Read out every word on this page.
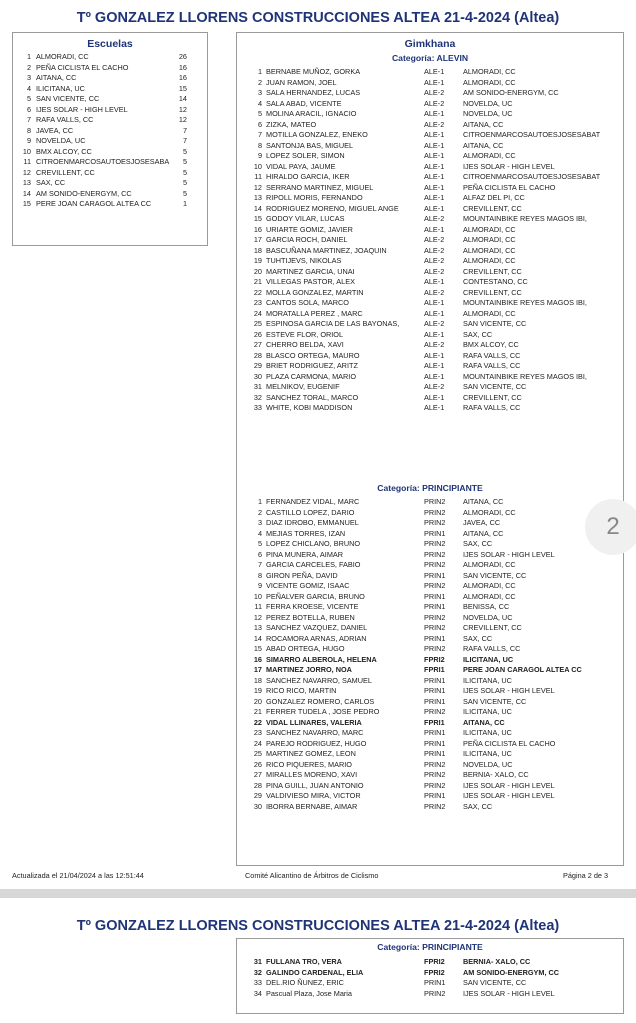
Tº GONZALEZ LLORENS CONSTRUCCIONES ALTEA 21-4-2024 (Altea)
Escuelas
1 ALMORADI, CC	26
2 PEÑA CICLISTA EL CACHO	16
3 AITANA, CC	16
4 ILICITANA, UC	15
5 SAN VICENTE, CC	14
6 IJES SOLAR - HIGH LEVEL	12
7 RAFA VALLS, CC	12
8 JAVEA, CC	7
9 NOVELDA, UC	7
10 BMX ALCOY, CC	5
11 CITROENMARCOSAUTOESJOSESABA	5
12 CREVILLENT, CC	5
13 SAX, CC	5
14 AM SONIDO-ENERGYM, CC	5
15 PERE JOAN CARAGOL ALTEA CC	1
Gimkhana
Categoría: ALEVIN
1 BERNABE MUÑOZ, GORKA	ALE-1	ALMORADI, CC
2 JUAN RAMON, JOEL	ALE-1	ALMORADI, CC
3 SALA HERNANDEZ, LUCAS	ALE-2	AM SONIDO-ENERGYM, CC
4 SALA ABAD, VICENTE	ALE-2	NOVELDA, UC
5 MOLINA ARACIL, IGNACIO	ALE-1	NOVELDA, UC
6 ZIZKA, MATEO	ALE-2	AITANA, CC
7 MOTILLA GONZALEZ, ENEKO	ALE-1	CITROENMARCOSAUTOESJOSESABAT
8 SANTONJA BAS, MIGUEL	ALE-1	AITANA, CC
9 LOPEZ SOLER, SIMON	ALE-1	ALMORADI, CC
10 VIDAL PAYA, JAUME	ALE-1	IJES SOLAR - HIGH LEVEL
11 HIRALDO GARCIA, IKER	ALE-1	CITROENMARCOSAUTOESJOSESABAT
12 SERRANO MARTINEZ, MIGUEL	ALE-1	PEÑA CICLISTA EL CACHO
13 RIPOLL MORIS, FERNANDO	ALE-1	ALFAZ DEL PI, CC
14 RODRIGUEZ MORENO, MIGUEL ANGE	ALE-1	CREVILLENT, CC
15 GODOY VILAR, LUCAS	ALE-2	MOUNTAINBIKE REYES MAGOS IBI,
16 URIARTE GOMIZ, JAVIER	ALE-1	ALMORADI, CC
17 GARCIA ROCH, DANIEL	ALE-2	ALMORADI, CC
18 BASCUÑANA MARTINEZ, JOAQUIN	ALE-2	ALMORADI, CC
19 TUHTIJEVS, NIKOLAS	ALE-2	ALMORADI, CC
20 MARTINEZ GARCIA, UNAI	ALE-2	CREVILLENT, CC
21 VILLEGAS PASTOR, ALEX	ALE-1	CONTESTANO, CC
22 MOLLA GONZALEZ, MARTIN	ALE-2	CREVILLENT, CC
23 CANTOS SOLA, MARCO	ALE-1	MOUNTAINBIKE REYES MAGOS IBI,
24 MORATALLA PEREZ , MARC	ALE-1	ALMORADI, CC
25 ESPINOSA GARCIA DE LAS BAYONAS,	ALE-2	SAN VICENTE, CC
26 ESTEVE FLOR, ORIOL	ALE-1	SAX, CC
27 CHERRO BELDA, XAVI	ALE-2	BMX ALCOY, CC
28 BLASCO ORTEGA, MAURO	ALE-1	RAFA VALLS, CC
29 BRIET RODRIGUEZ, ARITZ	ALE-1	RAFA VALLS, CC
30 PLAZA CARMONA, MARIO	ALE-1	MOUNTAINBIKE REYES MAGOS IBI,
31 MELNIKOV, EUGENIF	ALE-2	SAN VICENTE, CC
32 SANCHEZ TORAL, MARCO	ALE-1	CREVILLENT, CC
33 WHITE, KOBI MADDISON	ALE-1	RAFA VALLS, CC
Categoría: PRINCIPIANTE
1 FERNANDEZ VIDAL, MARC	PRIN2 AITANA, CC
2 CASTILLO LOPEZ, DARIO	PRIN2 ALMORADI, CC
3 DIAZ IDROBO, EMMANUEL	PRIN2 JAVEA, CC
4 MEJIAS TORRES, IZAN	PRIN1 AITANA, CC
5 LOPEZ CHICLANO, BRUNO	PRIN2 SAX, CC
6 PINA MUNERA, AIMAR	PRIN2 IJES SOLAR - HIGH LEVEL
7 GARCIA CARCELES, FABIO	PRIN2 ALMORADI, CC
8 GIRON PEÑA, DAVID	PRIN1 SAN VICENTE, CC
9 VICENTE GOMIZ, ISAAC	PRIN2 ALMORADI, CC
10 PEÑALVER GARCIA, BRUNO	PRIN1 ALMORADI, CC
11 FERRA KROESE, VICENTE	PRIN1 BENISSA, CC
12 PEREZ BOTELLA, RUBEN	PRIN2 NOVELDA, UC
13 SANCHEZ VAZQUEZ, DANIEL	PRIN2 CREVILLENT, CC
14 ROCAMORA ARNAS, ADRIAN	PRIN1 SAX, CC
15 ABAD ORTEGA, HUGO	PRIN2 RAFA VALLS, CC
16 SIMARRO ALBEROLA, HELENA	FPRI2	ILICITANA, UC
17 MARTINEZ JORRO, NOA	FPRI1	PERE JOAN CARAGOL ALTEA CC
18 SANCHEZ NAVARRO, SAMUEL	PRIN1 ILICITANA, UC
19 RICO RICO, MARTIN	PRIN1 IJES SOLAR - HIGH LEVEL
20 GONZALEZ ROMERO, CARLOS	PRIN1 SAN VICENTE, CC
21 FERRER TUDELA , JOSE PEDRO	PRIN2 ILICITANA, UC
22 VIDAL LLINARES, VALERIA	FPRI1	AITANA, CC
23 SANCHEZ NAVARRO, MARC	PRIN1 ILICITANA, UC
24 PAREJO RODRIGUEZ, HUGO	PRIN1 PEÑA CICLISTA EL CACHO
25 MARTINEZ GOMEZ, LEON	PRIN1 ILICITANA, UC
26 RICO PIQUERES, MARIO	PRIN2 NOVELDA, UC
27 MIRALLES MORENO, XAVI	PRIN2 BERNIA- XALO, CC
28 PINA GUILL, JUAN ANTONIO	PRIN2 IJES SOLAR - HIGH LEVEL
29 VALDIVIESO MIRA, VICTOR	PRIN1 IJES SOLAR - HIGH LEVEL
30 IBORRA BERNABE, AIMAR	PRIN2 SAX, CC
Actualizada el 21/04/2024 a las 12:51:44	Comité Alicantino de Árbitros de Ciclismo	Página 2 de 3
2
Tº GONZALEZ LLORENS CONSTRUCCIONES ALTEA 21-4-2024 (Altea)
Categoría: PRINCIPIANTE
31 FULLANA TRO, VERA	FPRI2	BERNIA- XALO, CC
32 GALINDO CARDENAL, ELIA	FPRI2	AM SONIDO-ENERGYM, CC
33 DEL.RIO ÑUNEZ, ERIC	PRIN1 SAN VICENTE, CC
34 Pascual Plaza, Jose Maria	PRIN2 IJES SOLAR - HIGH LEVEL
